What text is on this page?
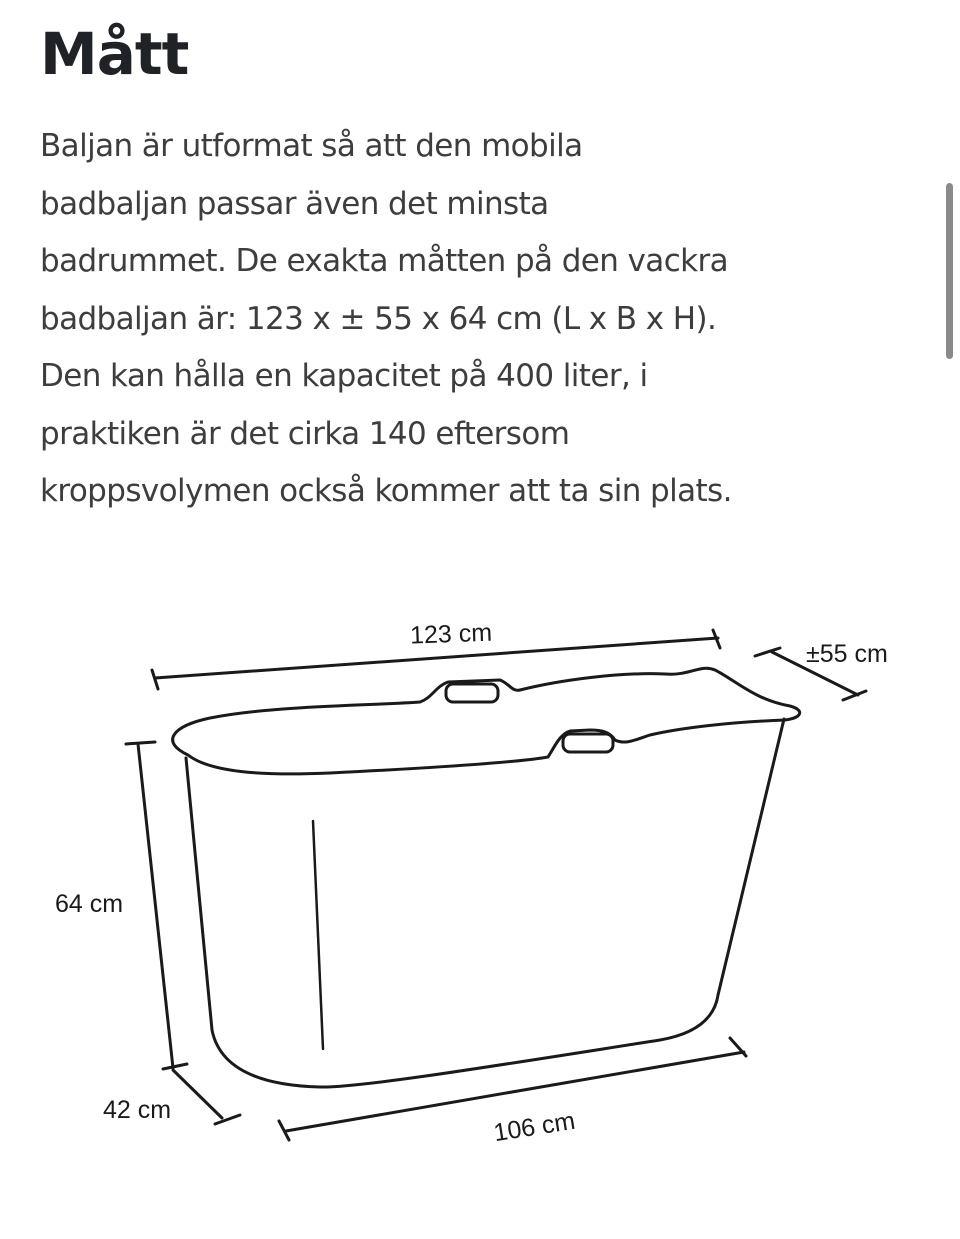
Mått

Baljan är utformat så att den mobila
badbaljan passar även det minsta
badrummet. De exakta måtten på den vackra
badbaljan är: 123 x ± 55 x 64 cm (L x B x H).
Den kan hålla en kapacitet på 400 liter, i
praktiken är det cirka 140 eftersom
kroppsvolymen också kommer att ta sin plats.

123 cm
±55 cm
64 cm
42 cm	106 cm
